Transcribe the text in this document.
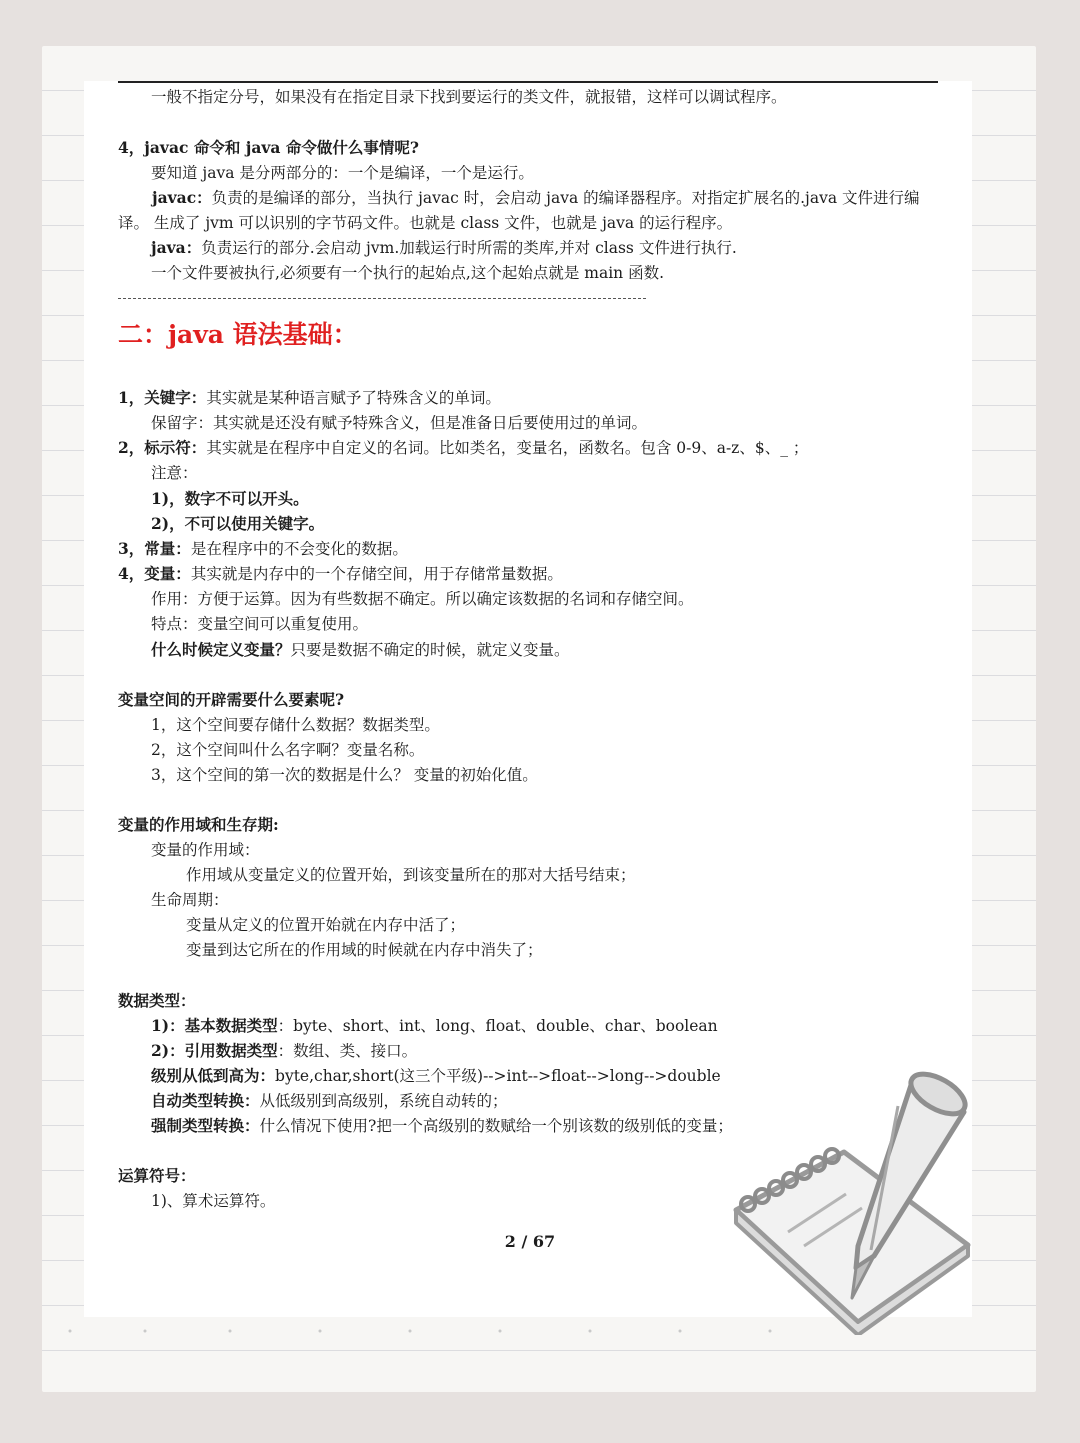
一般不指定分号，如果没有在指定目录下找到要运行的类文件，就报错，这样可以调试程序。
4，javac 命令和 java 命令做什么事情呢?
要知道 java 是分两部分的：一个是编译，一个是运行。
javac：负责的是编译的部分，当执行 javac 时，会启动 java 的编译器程序。对指定扩展名的.java 文件进行编译。 生成了 jvm 可以识别的字节码文件。也就是 class 文件，也就是 java 的运行程序。
java：负责运行的部分.会启动 jvm.加载运行时所需的类库,并对 class 文件进行执行.
一个文件要被执行,必须要有一个执行的起始点,这个起始点就是 main 函数.
二：java 语法基础：
1，关键字：其实就是某种语言赋予了特殊含义的单词。
保留字：其实就是还没有赋予特殊含义，但是准备日后要使用过的单词。
2，标示符：其实就是在程序中自定义的名词。比如类名，变量名，函数名。包含 0-9、a-z、$、_ ；
注意：
1)，数字不可以开头。
2)，不可以使用关键字。
3，常量：是在程序中的不会变化的数据。
4，变量：其实就是内存中的一个存储空间，用于存储常量数据。
作用：方便于运算。因为有些数据不确定。所以确定该数据的名词和存储空间。
特点：变量空间可以重复使用。
什么时候定义变量？只要是数据不确定的时候，就定义变量。
变量空间的开辟需要什么要素呢?
1，这个空间要存储什么数据？数据类型。
2，这个空间叫什么名字啊？变量名称。
3，这个空间的第一次的数据是什么？ 变量的初始化值。
变量的作用域和生存期:
变量的作用域：
作用域从变量定义的位置开始，到该变量所在的那对大括号结束；
生命周期：
变量从定义的位置开始就在内存中活了；
变量到达它所在的作用域的时候就在内存中消失了；
数据类型：
1)：基本数据类型：byte、short、int、long、float、double、char、boolean
2)：引用数据类型：数组、类、接口。
级别从低到高为：byte,char,short(这三个平级)-->int-->float-->long-->double
自动类型转换：从低级别到高级别，系统自动转的；
强制类型转换：什么情况下使用?把一个高级别的数赋给一个别该数的级别低的变量；
运算符号：
1)、算术运算符。
2 / 67
